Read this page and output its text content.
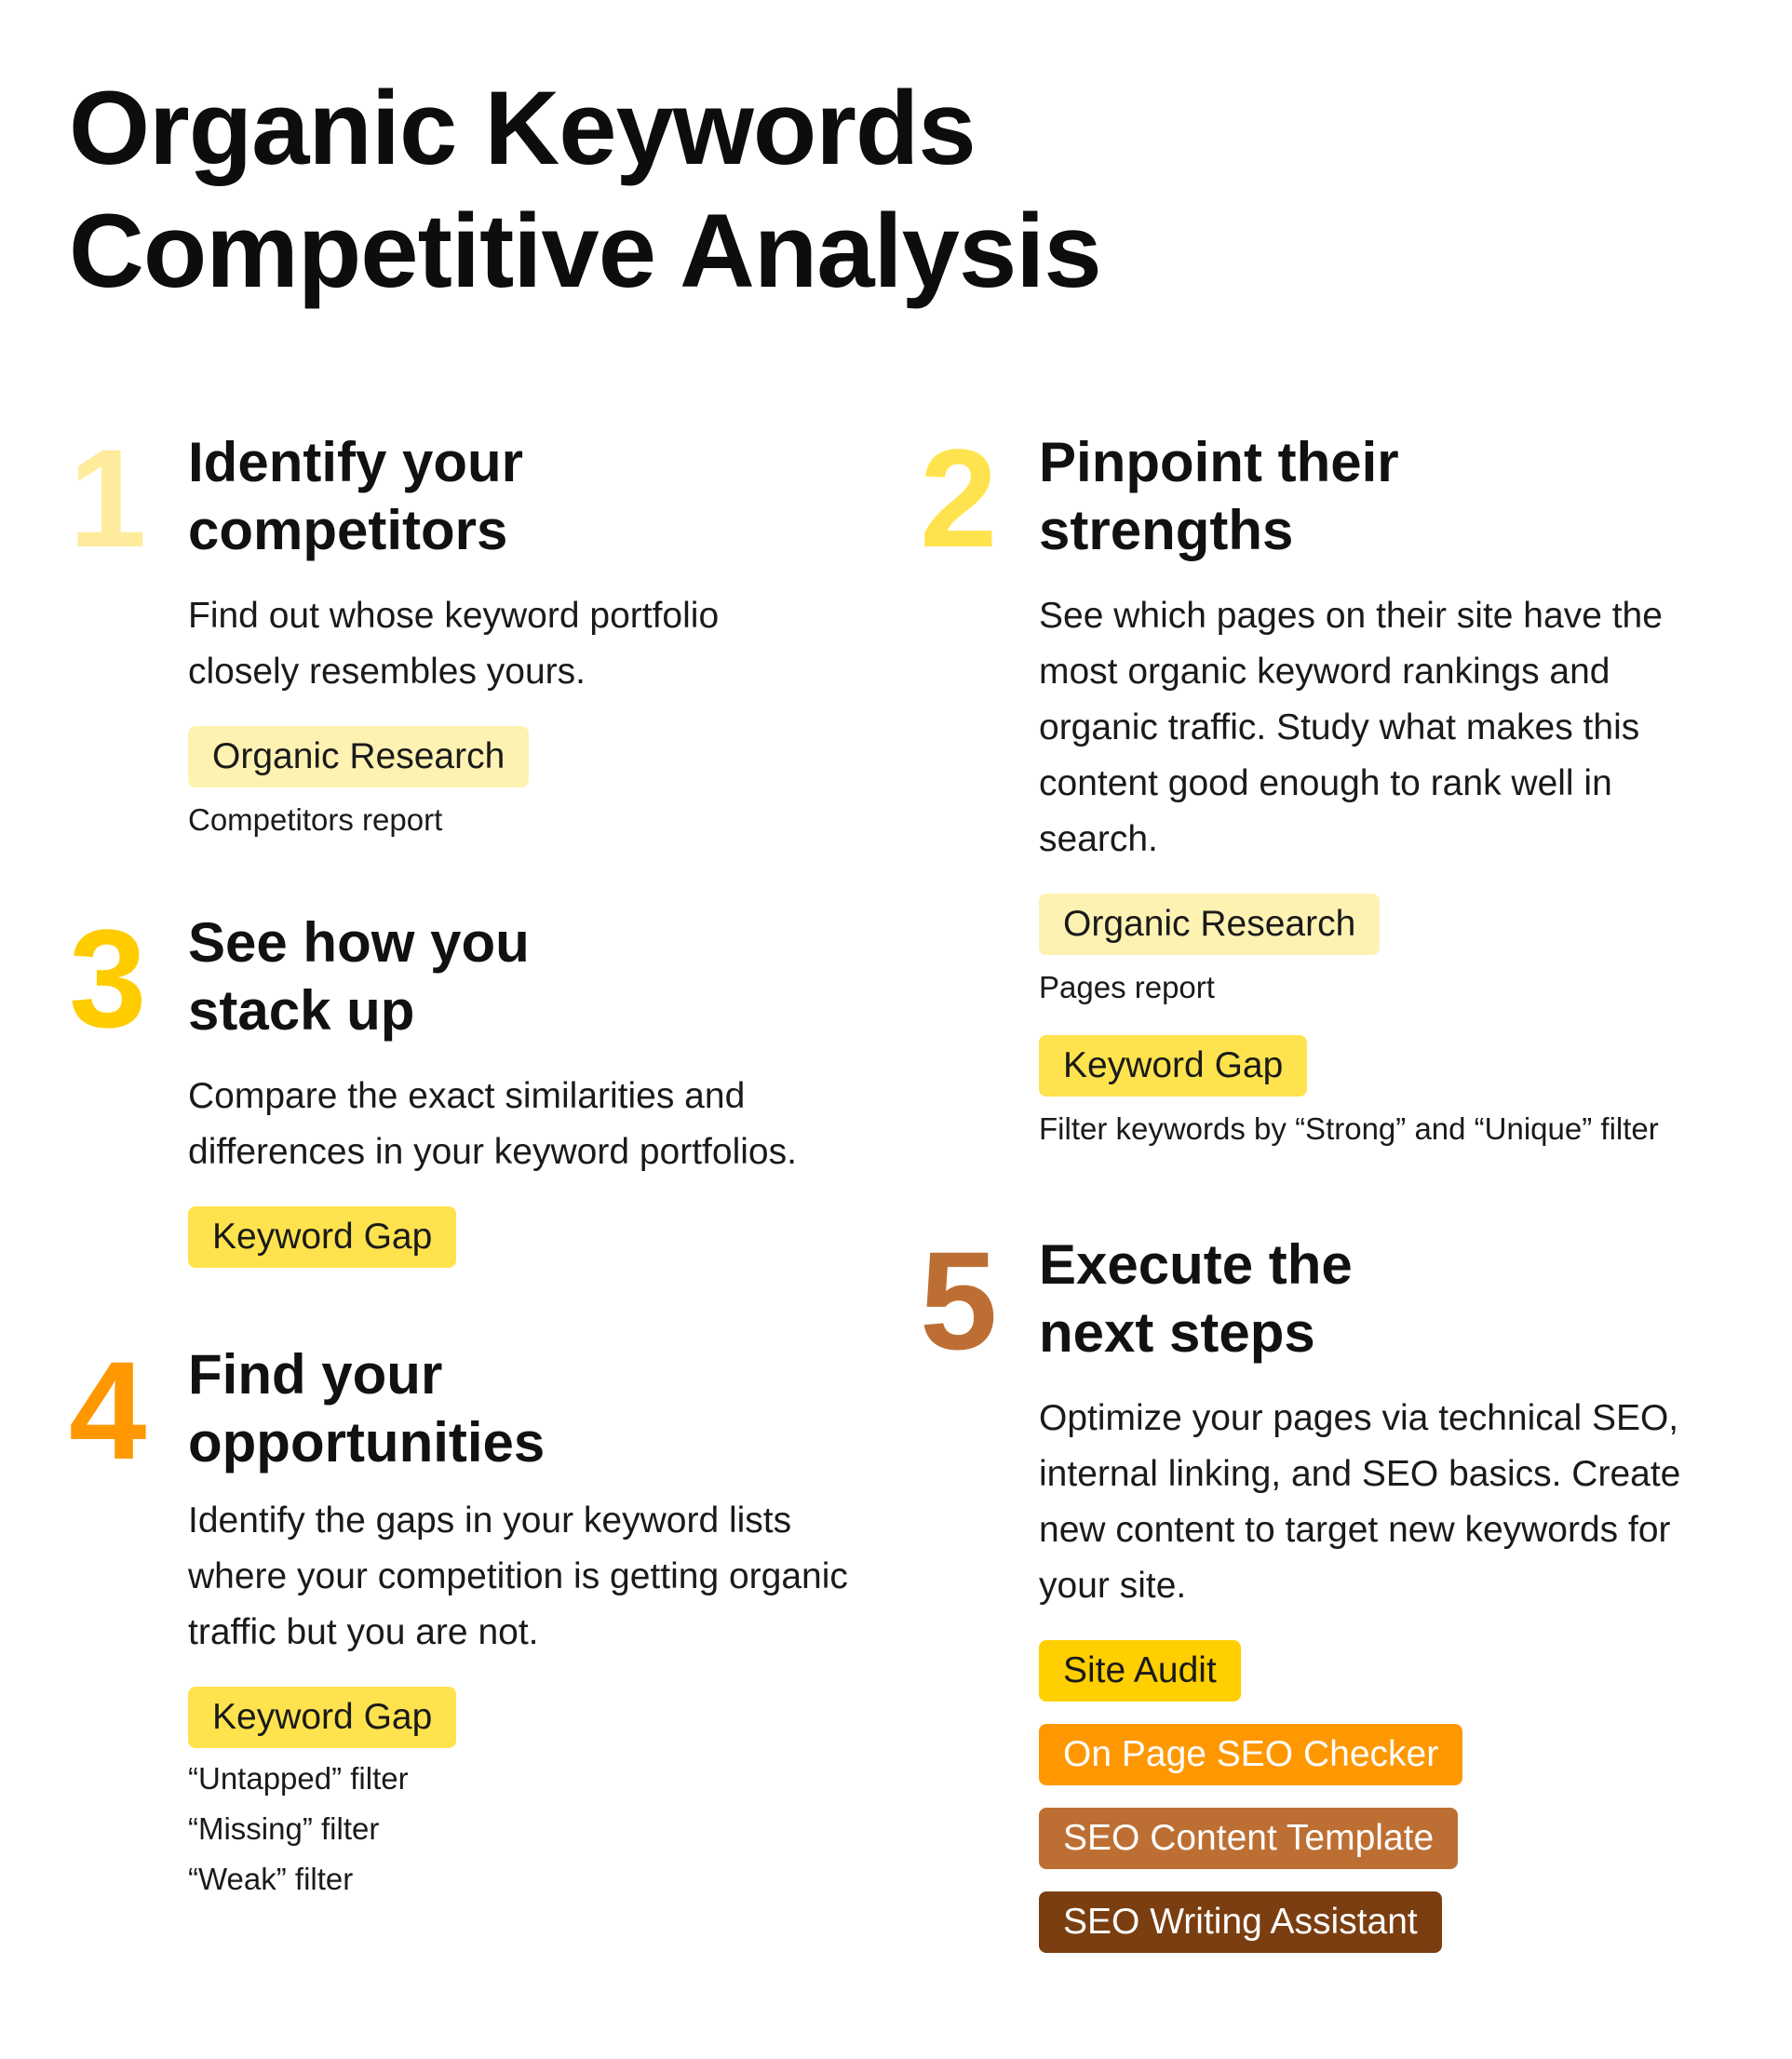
Organic Keywords
Competitive Analysis
1 Identify your competitors

Find out whose keyword portfolio closely resembles yours.

Organic Research
Competitors report
3 See how you stack up

Compare the exact similarities and differences in your keyword portfolios.

Keyword Gap
4 Find your opportunities

Identify the gaps in your keyword lists where your competition is getting organic traffic but you are not.

Keyword Gap
“Untapped” filter
“Missing” filter
“Weak” filter
2 Pinpoint their strengths

See which pages on their site have the most organic keyword rankings and organic traffic. Study what makes this content good enough to rank well in search.

Organic Research
Pages report
Keyword Gap
Filter keywords by “Strong” and “Unique” filter
5 Execute the next steps

Optimize your pages via technical SEO, internal linking, and SEO basics. Create new content to target new keywords for your site.

Site Audit
On Page SEO Checker
SEO Content Template
SEO Writing Assistant
